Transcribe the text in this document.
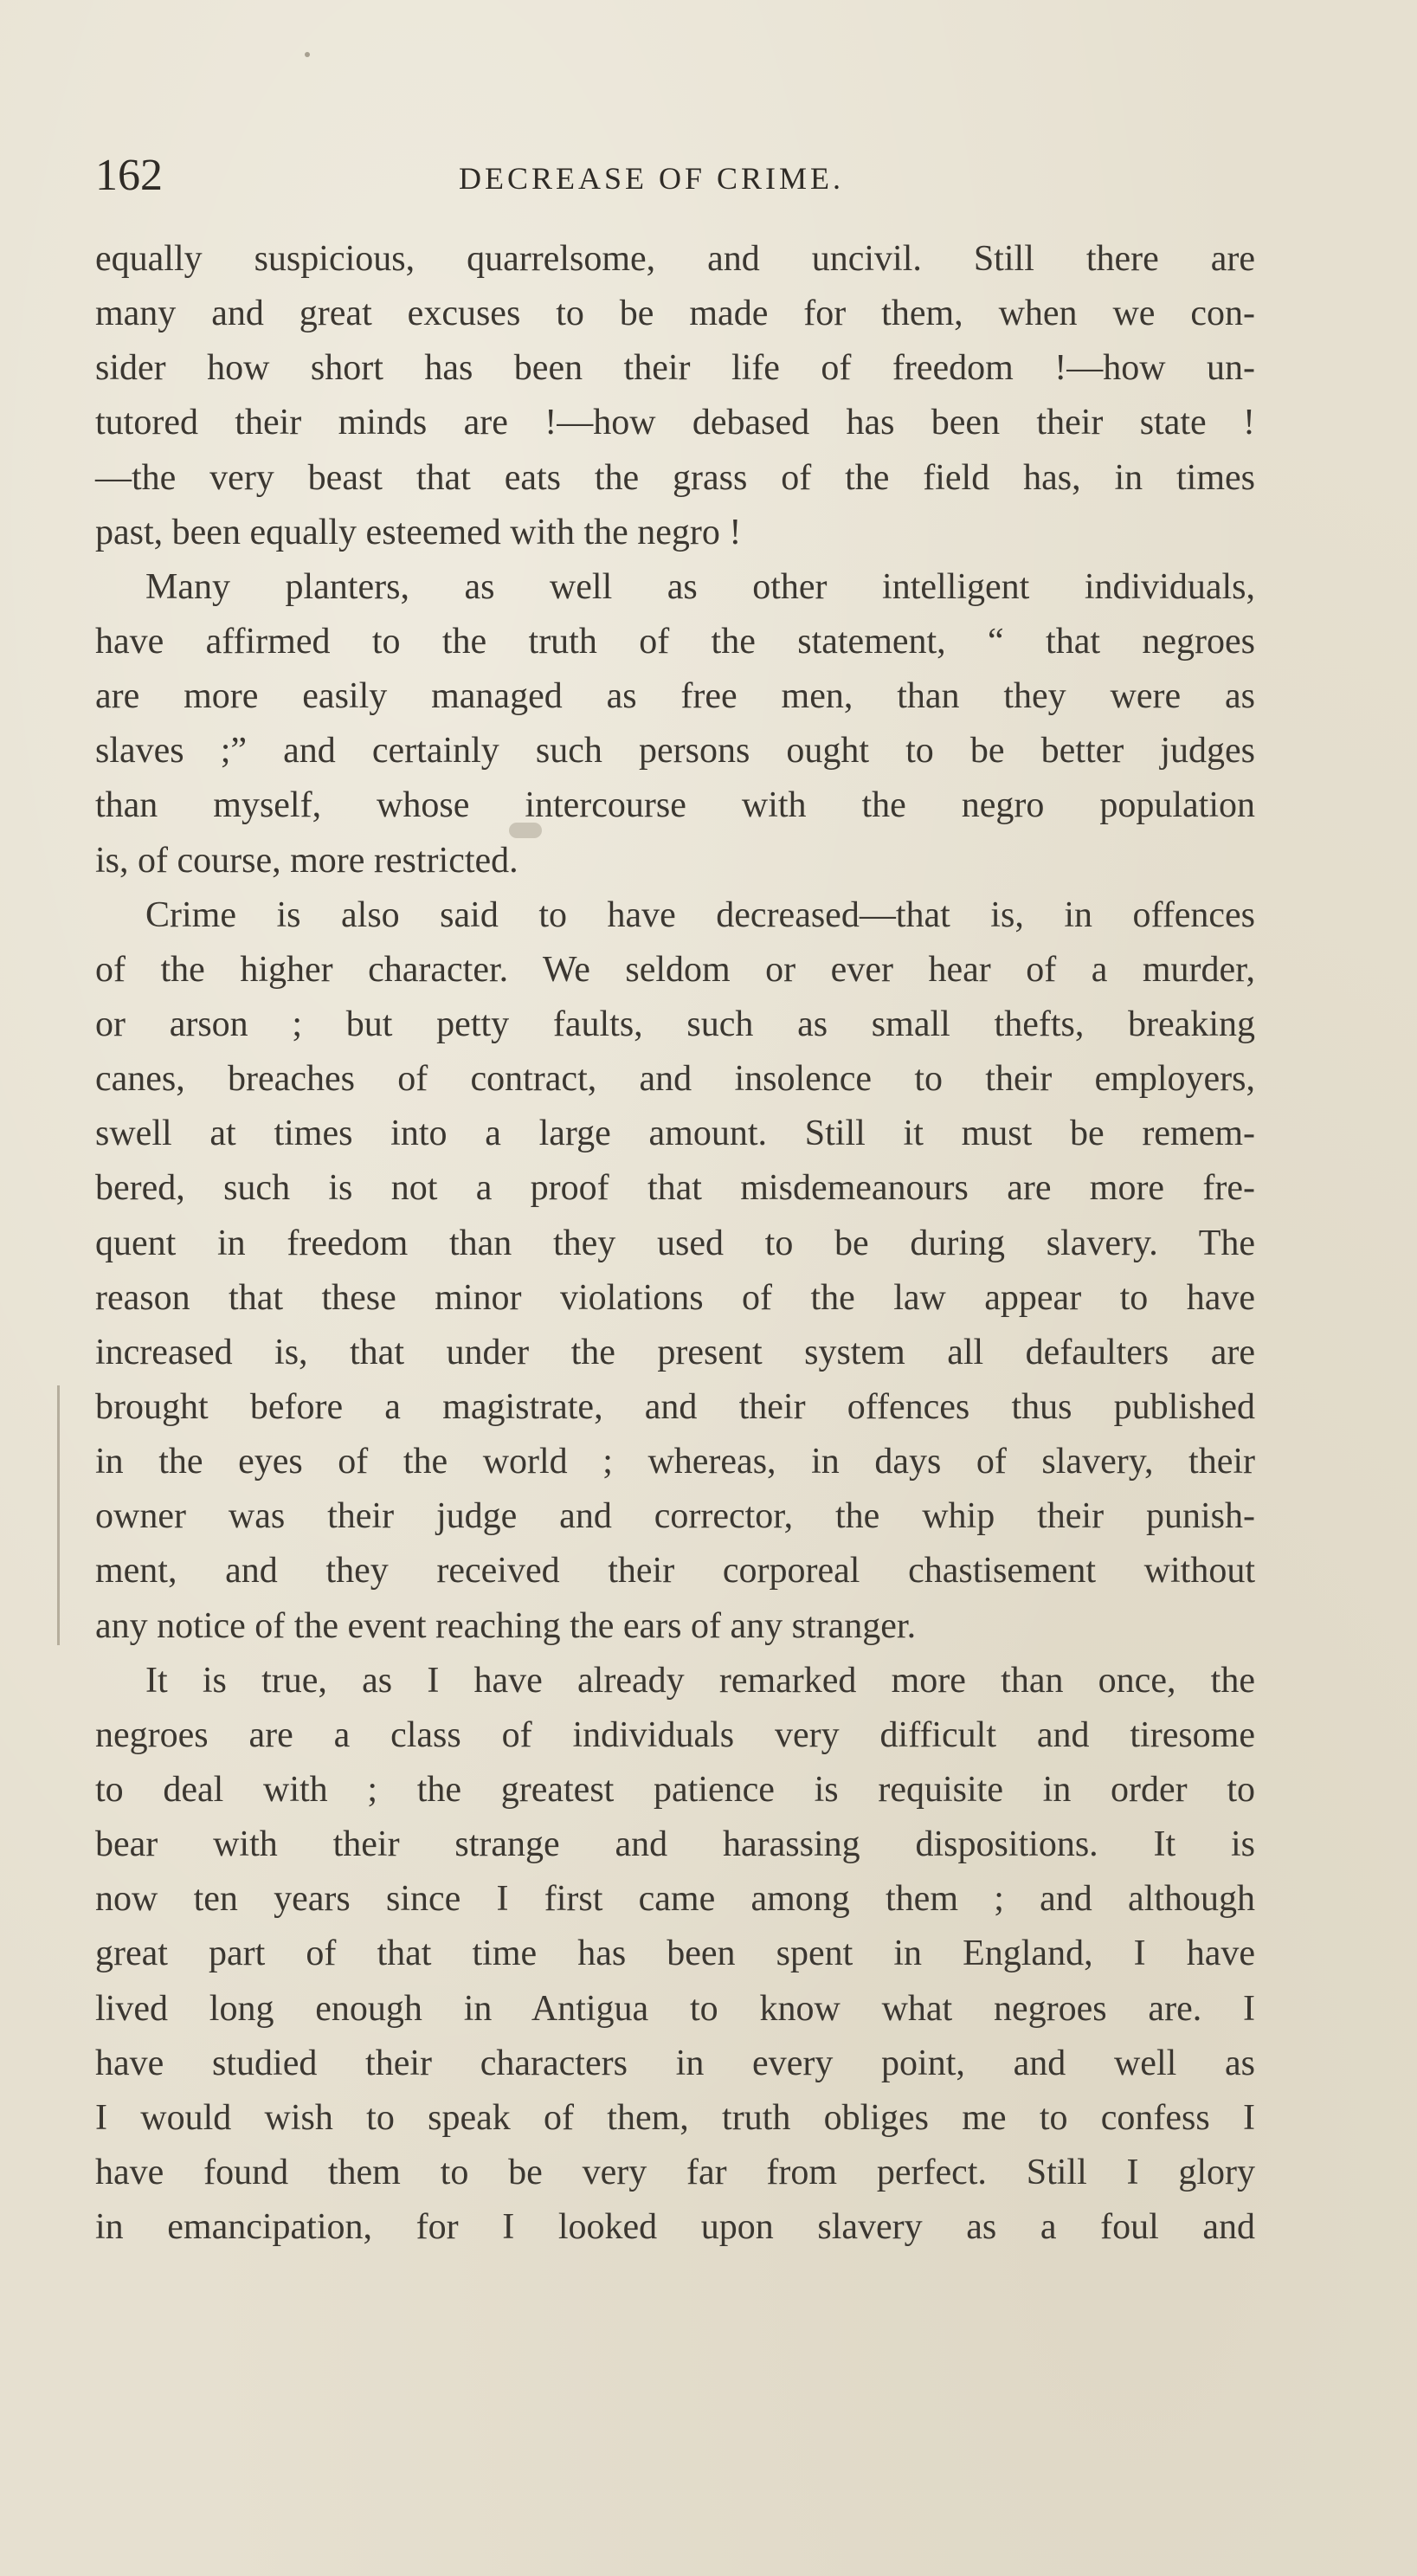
162	DECREASE OF CRIME.
equally suspicious, quarrelsome, and uncivil. Still there are
many and great excuses to be made for them, when we con-
sider how short has been their life of freedom !—how un-
tutored their minds are !—how debased has been their state !
—the very beast that eats the grass of the field has, in times
past, been equally esteemed with the negro !
Many planters, as well as other intelligent individuals,
have affirmed to the truth of the statement, “ that negroes
are more easily managed as free men, than they were as
slaves ;” and certainly such persons ought to be better judges
than myself, whose intercourse with the negro population
is, of course, more restricted.
Crime is also said to have decreased—that is, in offences
of the higher character. We seldom or ever hear of a murder,
or arson ; but petty faults, such as small thefts, breaking
canes, breaches of contract, and insolence to their employers,
swell at times into a large amount. Still it must be remem-
bered, such is not a proof that misdemeanours are more fre-
quent in freedom than they used to be during slavery. The
reason that these minor violations of the law appear to have
increased is, that under the present system all defaulters are
brought before a magistrate, and their offences thus published
in the eyes of the world ; whereas, in days of slavery, their
owner was their judge and corrector, the whip their punish-
ment, and they received their corporeal chastisement without
any notice of the event reaching the ears of any stranger.
It is true, as I have already remarked more than once, the
negroes are a class of individuals very difficult and tiresome
to deal with ; the greatest patience is requisite in order to
bear with their strange and harassing dispositions. It is
now ten years since I first came among them ; and although
great part of that time has been spent in England, I have
lived long enough in Antigua to know what negroes are. I
have studied their characters in every point, and well as
I would wish to speak of them, truth obliges me to confess I
have found them to be very far from perfect. Still I glory
in emancipation, for I looked upon slavery as a foul and
